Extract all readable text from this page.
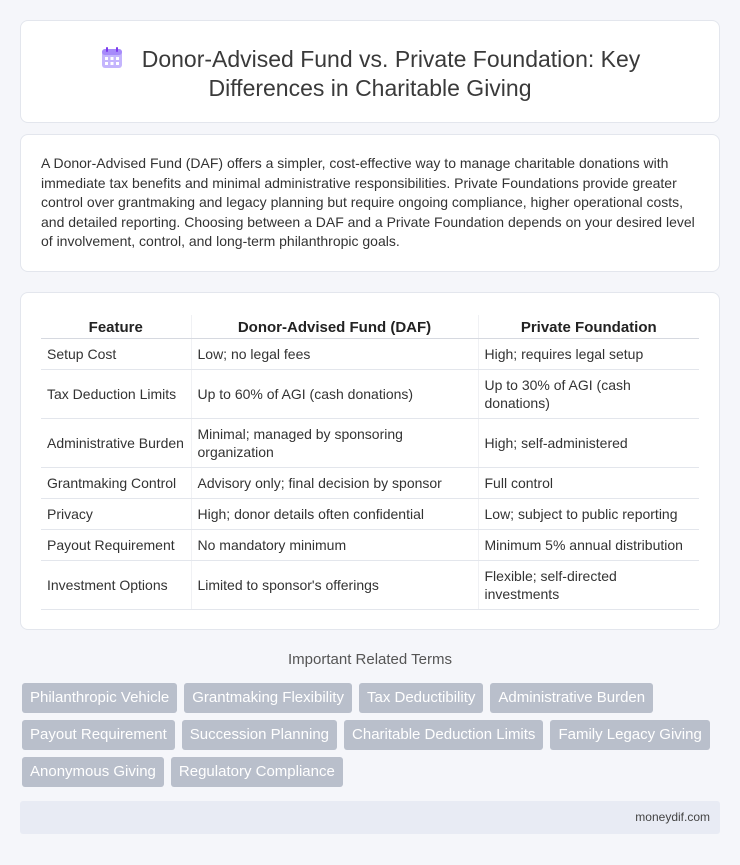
Donor-Advised Fund vs. Private Foundation: Key
Differences in Charitable Giving

A Donor-Advised Fund (DAF) offers a simpler, cost-effective way to manage charitable donations with immediate tax benefits and minimal administrative responsibilities. Private Foundations provide greater control over grantmaking and legacy planning but require ongoing compliance, higher operational costs, and detailed reporting. Choosing between a DAF and a Private Foundation depends on your desired level of involvement, control, and long-term philanthropic goals.

Feature	Donor-Advised Fund (DAF)	Private Foundation
Setup Cost	Low; no legal fees	High; requires legal setup
Tax Deduction Limits	Up to 60% of AGI (cash donations)	Up to 30% of AGI (cash donations)
Administrative Burden	Minimal; managed by sponsoring organization	High; self-administered
Grantmaking Control	Advisory only; final decision by sponsor	Full control
Privacy	High; donor details often confidential	Low; subject to public reporting
Payout Requirement	No mandatory minimum	Minimum 5% annual distribution
Investment Options	Limited to sponsor's offerings	Flexible; self-directed investments
Important Related Terms
Philanthropic Vehicle	Grantmaking Flexibility	Tax Deductibility	Administrative Burden
Payout Requirement	Succession Planning	Charitable Deduction Limits	Family Legacy Giving
Anonymous Giving	Regulatory Compliance
moneydif.com
